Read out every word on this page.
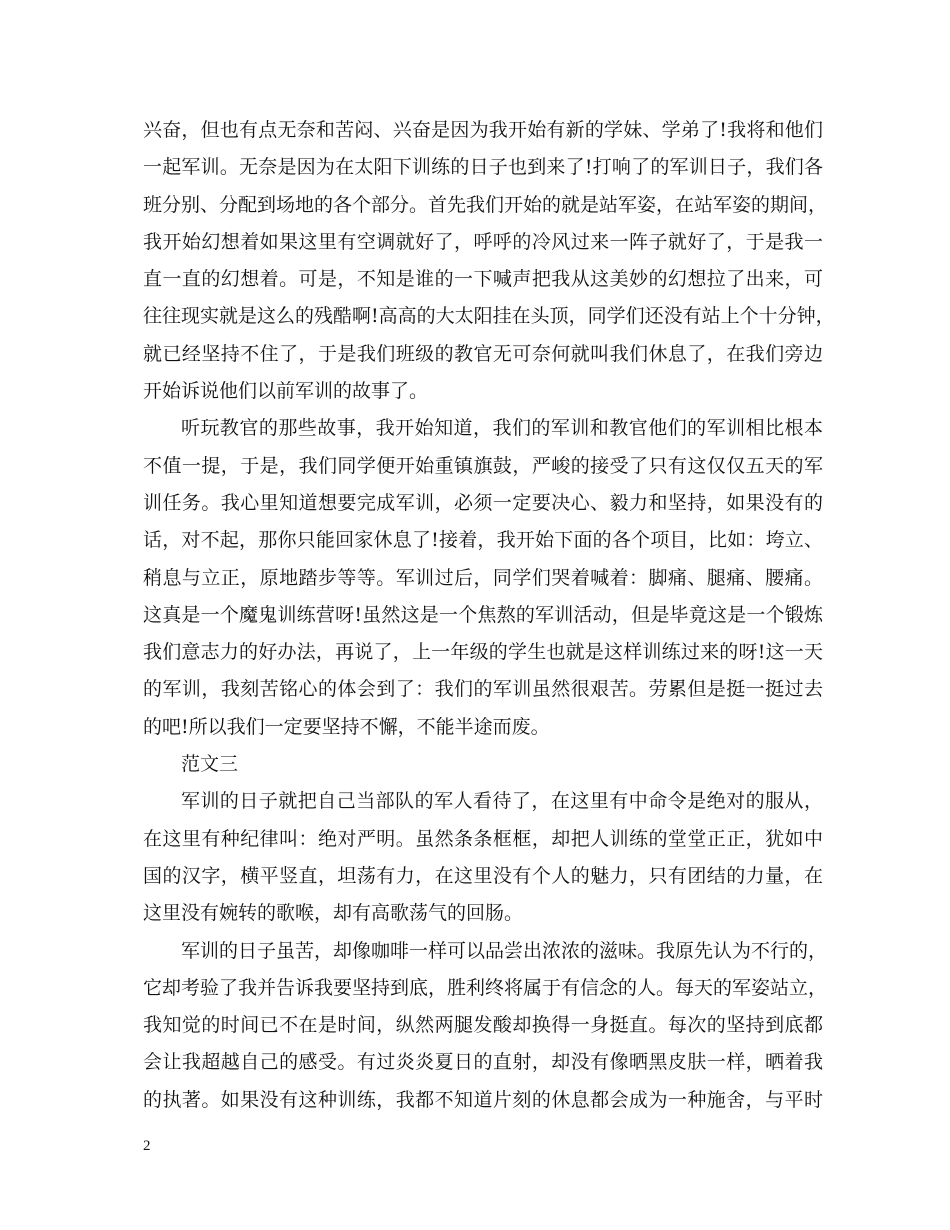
兴奋，但也有点无奈和苦闷、兴奋是因为我开始有新的学妹、学弟了!我将和他们
一起军训。无奈是因为在太阳下训练的日子也到来了!打响了的军训日子，我们各
班分别、分配到场地的各个部分。首先我们开始的就是站军姿，在站军姿的期间，
我开始幻想着如果这里有空调就好了，呼呼的冷风过来一阵子就好了，于是我一
直一直的幻想着。可是，不知是谁的一下喊声把我从这美妙的幻想拉了出来，可
往往现实就是这么的残酷啊!高高的大太阳挂在头顶，同学们还没有站上个十分钟，
就已经坚持不住了，于是我们班级的教官无可奈何就叫我们休息了，在我们旁边
开始诉说他们以前军训的故事了。
听玩教官的那些故事，我开始知道，我们的军训和教官他们的军训相比根本
不值一提，于是，我们同学便开始重镇旗鼓，严峻的接受了只有这仅仅五天的军
训任务。我心里知道想要完成军训，必须一定要决心、毅力和坚持，如果没有的
话，对不起，那你只能回家休息了!接着，我开始下面的各个项目，比如：垮立、
稍息与立正，原地踏步等等。军训过后，同学们哭着喊着：脚痛、腿痛、腰痛。
这真是一个魔鬼训练营呀!虽然这是一个焦熬的军训活动，但是毕竟这是一个锻炼
我们意志力的好办法，再说了，上一年级的学生也就是这样训练过来的呀!这一天
的军训，我刻苦铭心的体会到了：我们的军训虽然很艰苦。劳累但是挺一挺过去
的吧!所以我们一定要坚持不懈，不能半途而废。
范文三
军训的日子就把自己当部队的军人看待了，在这里有中命令是绝对的服从，
在这里有种纪律叫：绝对严明。虽然条条框框，却把人训练的堂堂正正，犹如中
国的汉字，横平竖直，坦荡有力，在这里没有个人的魅力，只有团结的力量，在
这里没有婉转的歌喉，却有高歌荡气的回肠。
军训的日子虽苦，却像咖啡一样可以品尝出浓浓的滋味。我原先认为不行的，
它却考验了我并告诉我要坚持到底，胜利终将属于有信念的人。每天的军姿站立，
我知觉的时间已不在是时间，纵然两腿发酸却换得一身挺直。每次的坚持到底都
会让我超越自己的感受。有过炎炎夏日的直射，却没有像晒黑皮肤一样，晒着我
的执著。如果没有这种训练，我都不知道片刻的休息都会成为一种施舍，与平时
2
